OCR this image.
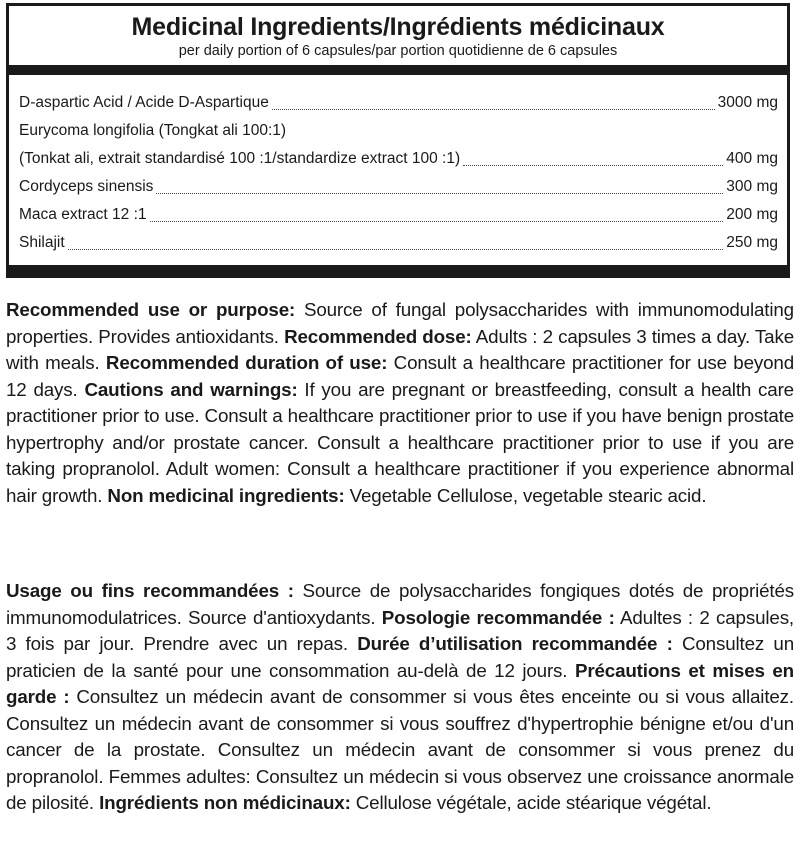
Medicinal Ingredients/Ingrédients médicinaux
per daily portion of 6 capsules/par portion quotidienne de 6 capsules
D-aspartic Acid / Acide D-Aspartique	3000 mg
Eurycoma longifolia (Tongkat ali 100:1)
(Tonkat ali, extrait standardisé 100 :1/standardize extract 100 :1)	400 mg
Cordyceps sinensis	300 mg
Maca extract 12 :1	200 mg
Shilajit	250 mg
Recommended use or purpose: Source of fungal polysaccharides with immunomodulating properties. Provides antioxidants. Recommended dose: Adults : 2 capsules 3 times a day. Take with meals. Recommended duration of use: Consult a healthcare practitioner for use beyond 12 days. Cautions and warnings: If you are pregnant or breastfeeding, consult a health care practitioner prior to use. Consult a healthcare practitioner prior to use if you have benign prostate hypertrophy and/or prostate cancer. Consult a healthcare practitioner prior to use if you are taking propranolol. Adult women: Consult a healthcare practitioner if you experience abnormal hair growth. Non medicinal ingredients: Vegetable Cellulose, vegetable stearic acid.
Usage ou fins recommandées : Source de polysaccharides fongiques dotés de propriétés immunomodulatrices. Source d'antioxydants. Posologie recommandée : Adultes : 2 capsules, 3 fois par jour. Prendre avec un repas. Durée d’utilisation recommandée : Consultez un praticien de la santé pour une consommation au-delà de 12 jours. Précautions et mises en garde : Consultez un médecin avant de consommer si vous êtes enceinte ou si vous allaitez. Consultez un médecin avant de consommer si vous souffrez d'hypertrophie bénigne et/ou d'un cancer de la prostate. Consultez un médecin avant de consommer si vous prenez du propranolol. Femmes adultes: Consultez un médecin si vous observez une croissance anormale de pilosité. Ingrédients non médicinaux: Cellulose végétale, acide stéarique végétal.
